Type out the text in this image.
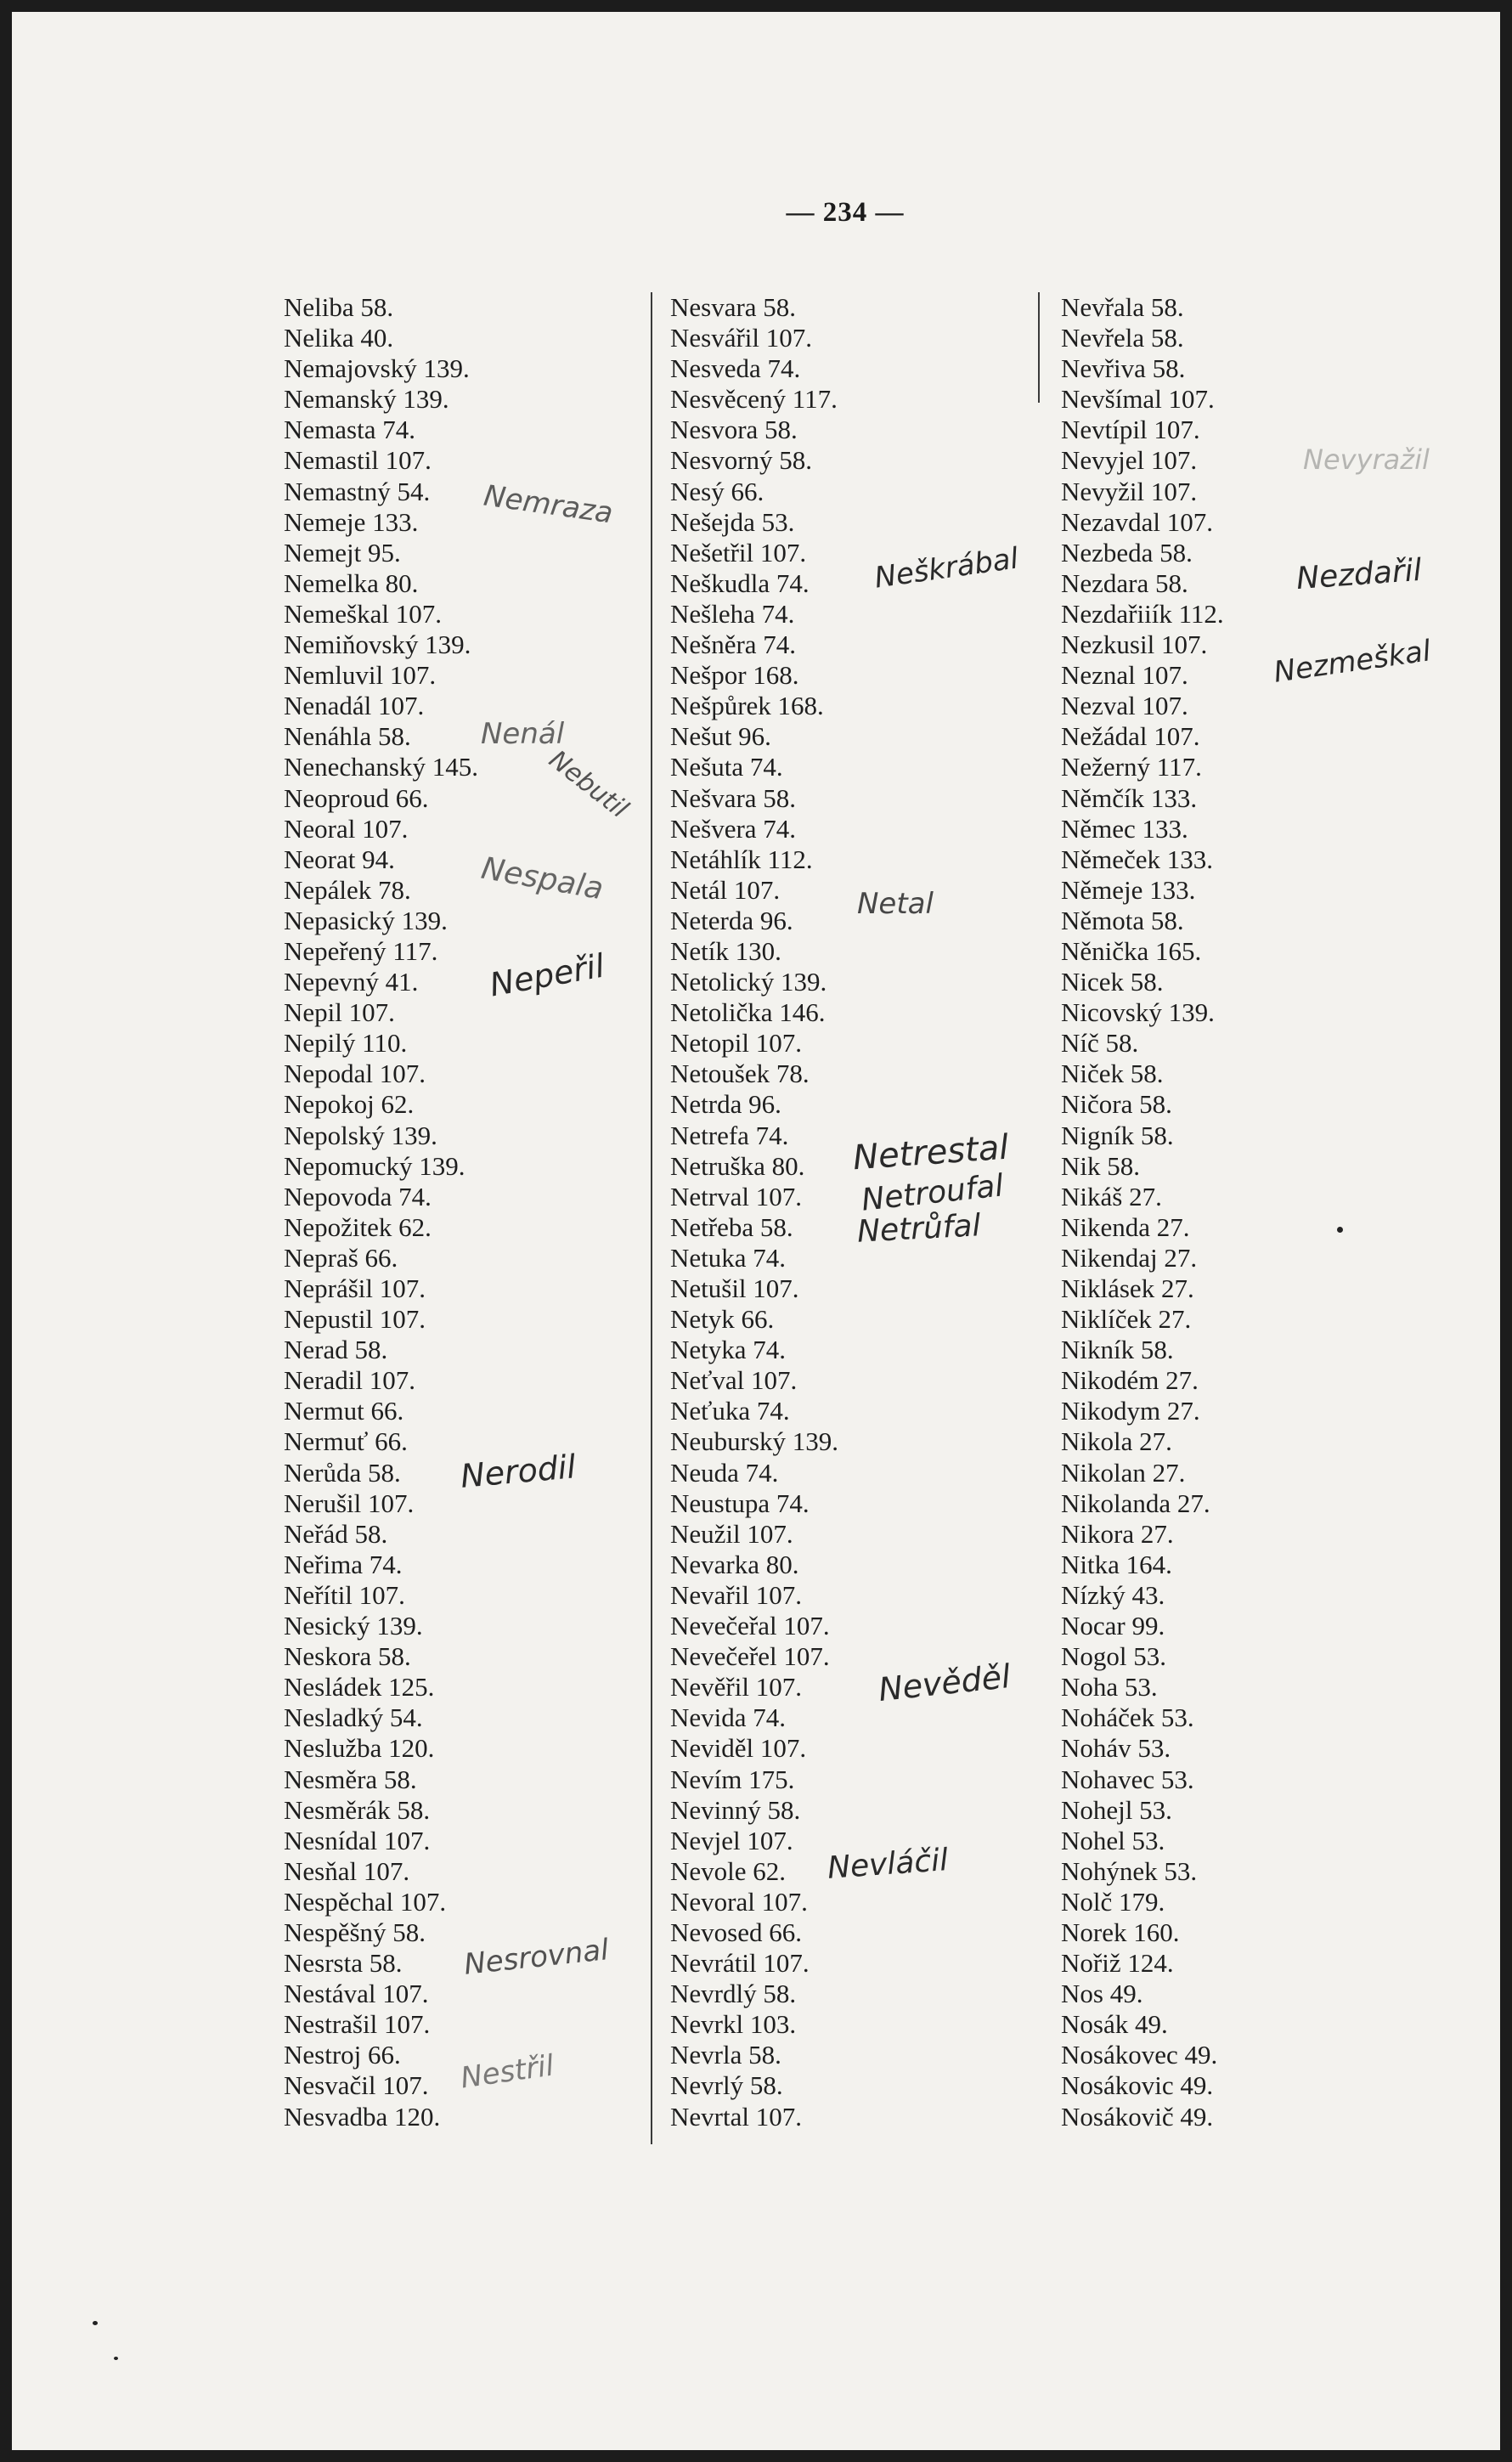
— 234 —
Neliba 58.
Nelika 40.
Nemajovský 139.
Nemanský 139.
Nemasta 74.
Nemastil 107.
Nemastný 54.
Nemeje 133.
Nemejt 95.
Nemelka 80.
Nemeškal 107.
Nemiňovský 139.
Nemluvil 107.
Nenadál 107.
Nenáhla 58.
Nenechanský 145.
Neoproud 66.
Neoral 107.
Neorat 94.
Nepálek 78.
Nepasický 139.
Nepeřený 117.
Nepevný 41.
Nepil 107.
Nepilý 110.
Nepodal 107.
Nepokoj 62.
Nepolský 139.
Nepomucký 139.
Nepovoda 74.
Nepožitek 62.
Nepraš 66.
Neprášil 107.
Nepustil 107.
Nerad 58.
Neradil 107.
Nermut 66.
Nermuť 66.
Nerůda 58.
Nerušil 107.
Neřád 58.
Neřima 74.
Neřítil 107.
Nesický 139.
Neskora 58.
Nesládek 125.
Nesladký 54.
Neslužba 120.
Nesměra 58.
Nesměrák 58.
Nesnídal 107.
Nesňal 107.
Nespěchal 107.
Nespěšný 58.
Nesrsta 58.
Nestával 107.
Nestrašil 107.
Nestroj 66.
Nesvačil 107.
Nesvadba 120.
Nesvara 58.
Nesvářil 107.
Nesveda 74.
Nesvěcený 117.
Nesvora 58.
Nesvorný 58.
Nesý 66.
Nešejda 53.
Nešetřil 107.
Neškudla 74.
Nešleha 74.
Nešněra 74.
Nešpor 168.
Nešpůrek 168.
Nešut 96.
Nešuta 74.
Nešvara 58.
Nešvera 74.
Netáhlík 112.
Netál 107.
Neterda 96.
Netík 130.
Netolický 139.
Netolička 146.
Netopil 107.
Netoušek 78.
Netrda 96.
Netrefa 74.
Netruška 80.
Netrval 107.
Netřeba 58.
Netuka 74.
Netušil 107.
Netyk 66.
Netyka 74.
Neťval 107.
Neťuka 74.
Neuburský 139.
Neuda 74.
Neustupa 74.
Neužil 107.
Nevarka 80.
Nevařil 107.
Nevečeřal 107.
Nevečeřel 107.
Nevěřil 107.
Nevida 74.
Neviděl 107.
Nevím 175.
Nevinný 58.
Nevjel 107.
Nevole 62.
Nevoral 107.
Nevosed 66.
Nevrátil 107.
Nevrdlý 58.
Nevrkl 103.
Nevrla 58.
Nevrlý 58.
Nevrtal 107.
Nevřala 58.
Nevřela 58.
Nevřiva 58.
Nevšímal 107.
Nevtípil 107.
Nevyjel 107.
Nevyžil 107.
Nezavdal 107.
Nezbeda 58.
Nezdara 58.
Nezdařiiík 112.
Nezkusil 107.
Neznal 107.
Nezval 107.
Nežádal 107.
Nežerný 117.
Němčík 133.
Němec 133.
Němeček 133.
Němeje 133.
Němota 58.
Něnička 165.
Nicek 58.
Nicovský 139.
Níč 58.
Niček 58.
Ničora 58.
Nigník 58.
Nik 58.
Nikáš 27.
Nikenda 27.
Nikendaj 27.
Niklásek 27.
Niklíček 27.
Nikník 58.
Nikodém 27.
Nikodym 27.
Nikola 27.
Nikolan 27.
Nikolanda 27.
Nikora 27.
Nitka 164.
Nízký 43.
Nocar 99.
Nogol 53.
Noha 53.
Noháček 53.
Noháv 53.
Nohavec 53.
Nohejl 53.
Nohel 53.
Nohýnek 53.
Nolč 179.
Norek 160.
Nořiž 124.
Nos 49.
Nosák 49.
Nosákovec 49.
Nosákovic 49.
Nosákovič 49.
Nemraza
Nenál
Nebutil
Nespala
Nepeřil
Nerodil
Nesrovnal
Nestřil
Neškrábal
Netal
Netrestal
Netroufal
Netrůfal
Nevěděl
Nevláčil
Nevyražil
Nezdařil
Nezmeškal
